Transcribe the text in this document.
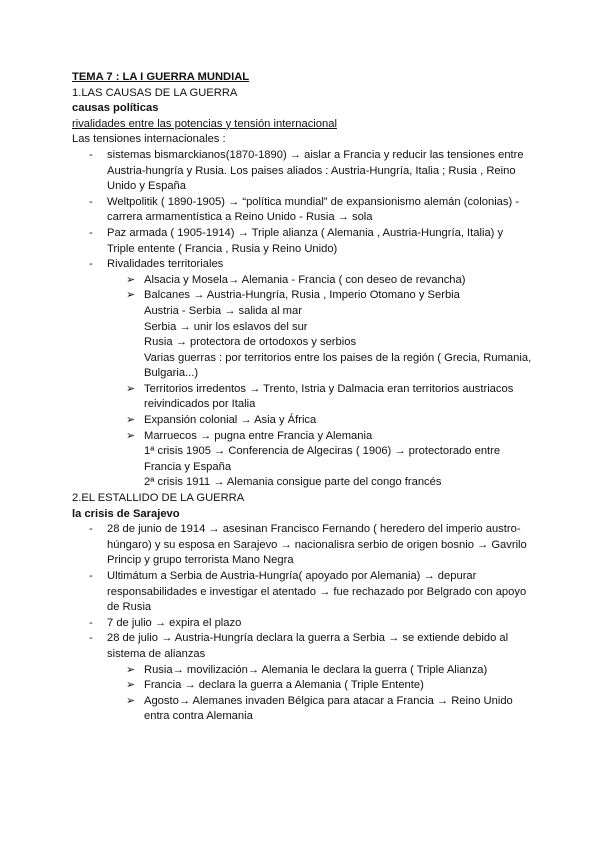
TEMA 7 : LA I GUERRA MUNDIAL
1.LAS CAUSAS DE LA GUERRA
causas políticas
rivalidades entre las potencias y tensión internacional
Las tensiones internacionales :
- sistemas bismarckianos(1870-1890) → aislar a Francia y reducir las tensiones entre Austria-hungría y Rusia. Los paises aliados : Austria-Hungría, Italia ; Rusia , Reino Unido y España
- Weltpolitik ( 1890-1905) → “política mundial” de expansionismo alemán (colonias) - carrera armamentística a Reino Unido - Rusia → sola
- Paz armada ( 1905-1914) → Triple alianza ( Alemania , Austria-Hungría, Italia) y Triple entente ( Francia , Rusia y Reino Unido)
- Rivalidades territoriales
➢ Alsacia y Mosela→ Alemania - Francia ( con deseo de revancha)
➢ Balcanes → Austria-Hungría, Rusia , Imperio Otomano y Serbia
Austria - Serbia → salida al mar
Serbia → unir los eslavos del sur
Rusia → protectora de ortodoxos y serbios
Varias guerras : por territorios entre los paises de la región ( Grecia, Rumania, Bulgaria...)
➢ Territorios irredentos → Trento, Istria y Dalmacia eran territorios austriacos reivindicados por Italia
➢ Expansión colonial → Asia y África
➢ Marruecos → pugna entre Francia y Alemania
1ª crisis 1905 → Conferencia de Algeciras ( 1906) → protectorado entre Francia y España
2ª crisis 1911 → Alemania consigue parte del congo francés
2.EL ESTALLIDO DE LA GUERRA
la crisis de Sarajevo
- 28 de junio de 1914 → asesinan Francisco Fernando ( heredero del imperio austro-húngaro) y su esposa en Sarajevo → nacionalisra serbio de origen bosnio → Gavrilo Princip y grupo terrorista Mano Negra
- Ultimátum a Serbia de Austria-Hungría( apoyado por Alemania) → depurar responsabilidades e investigar el atentado → fue rechazado por Belgrado con apoyo de Rusia
- 7 de julio → expira el plazo
- 28 de julio → Austria-Hungría declara la guerra a Serbia → se extiende debido al sistema de alianzas
➢ Rusia→ movilización→ Alemania le declara la guerra ( Triple Alianza)
➢ Francia → declara la guerra a Alemania ( Triple Entente)
➢ Agosto→ Alemanes invaden Bélgica para atacar a Francia → Reino Unido entra contra Alemania
